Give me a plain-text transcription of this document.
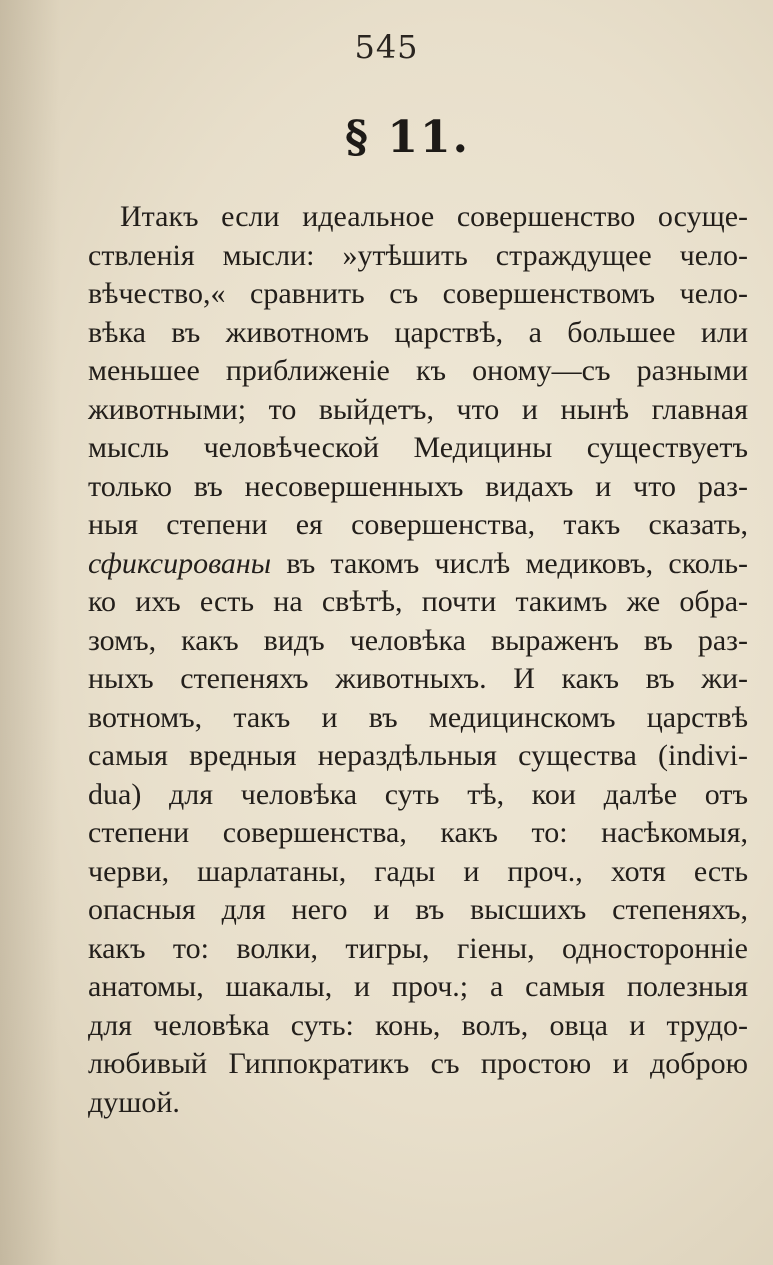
545
§ 11.
Итакъ если идеальное совершенство осуще-
ствленія мысли: »утѣшить страждущее чело-
вѣчество,« сравнить съ совершенствомъ чело-
вѣка въ животномъ царствѣ, а большее или
меньшее приближеніе къ оному—съ разными
животными; то выйдетъ, что и нынѣ главная
мысль человѣческой Медицины существуетъ
только въ несовершенныхъ видахъ и что раз-
ныя степени ея совершенства, такъ сказать,
сфиксированы въ такомъ числѣ медиковъ, сколь-
ко ихъ есть на свѣтѣ, почти такимъ же обра-
зомъ, какъ видъ человѣка выраженъ въ раз-
ныхъ степеняхъ животныхъ. И какъ въ жи-
вотномъ, такъ и въ медицинскомъ царствѣ
самыя вредныя нераздѣльныя существа (indivi-
dua) для человѣка суть тѣ, кои далѣе отъ
степени совершенства, какъ то: насѣкомыя,
черви, шарлатаны, гады и проч., хотя есть
опасныя для него и въ высшихъ степеняхъ,
какъ то: волки, тигры, гіены, односторонніе
анатомы, шакалы, и проч.; а самыя полезныя
для человѣка суть: конь, волъ, овца и трудо-
любивый Гиппократикъ съ простою и доброю
душой.
